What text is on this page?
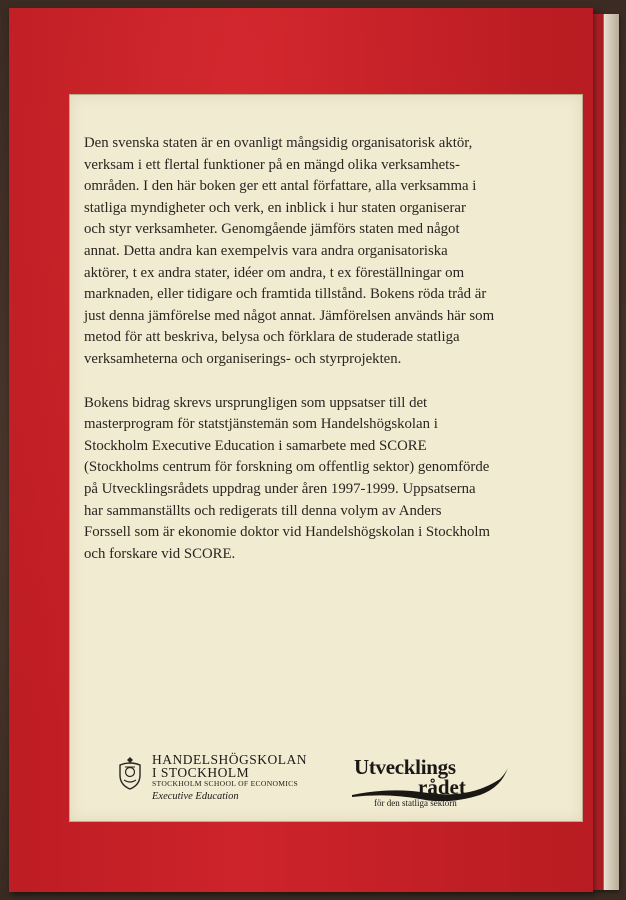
Den svenska staten är en ovanligt mångsidig organisatorisk aktör,
verksam i ett flertal funktioner på en mängd olika verksamhets-
områden. I den här boken ger ett antal författare, alla verksamma i
statliga myndigheter och verk, en inblick i hur staten organiserar
och styr verksamheter. Genomgående jämförs staten med något
annat. Detta andra kan exempelvis vara andra organisatoriska
aktörer, t ex andra stater, idéer om andra, t ex föreställningar om
marknaden, eller tidigare och framtida tillstånd. Bokens röda tråd är
just denna jämförelse med något annat. Jämförelsen används här som
metod för att beskriva, belysa och förklara de studerade statliga
verksamheterna och organiserings- och styrprojekten.
Bokens bidrag skrevs ursprungligen som uppsatser till det
masterprogram för statstjänstemän som Handelshögskolan i
Stockholm Executive Education i samarbete med SCORE
(Stockholms centrum för forskning om offentlig sektor) genomförde
på Utvecklingsrådets uppdrag under åren 1997-1999. Uppsatserna
har sammanställts och redigerats till denna volym av Anders
Forssell som är ekonomie doktor vid Handelshögskolan i Stockholm
och forskare vid SCORE.
HANDELSHÖGSKOLAN
I STOCKHOLM
STOCKHOLM SCHOOL OF ECONOMICS
Executive Education
Utvecklings
rådet
för den statliga sektorn
